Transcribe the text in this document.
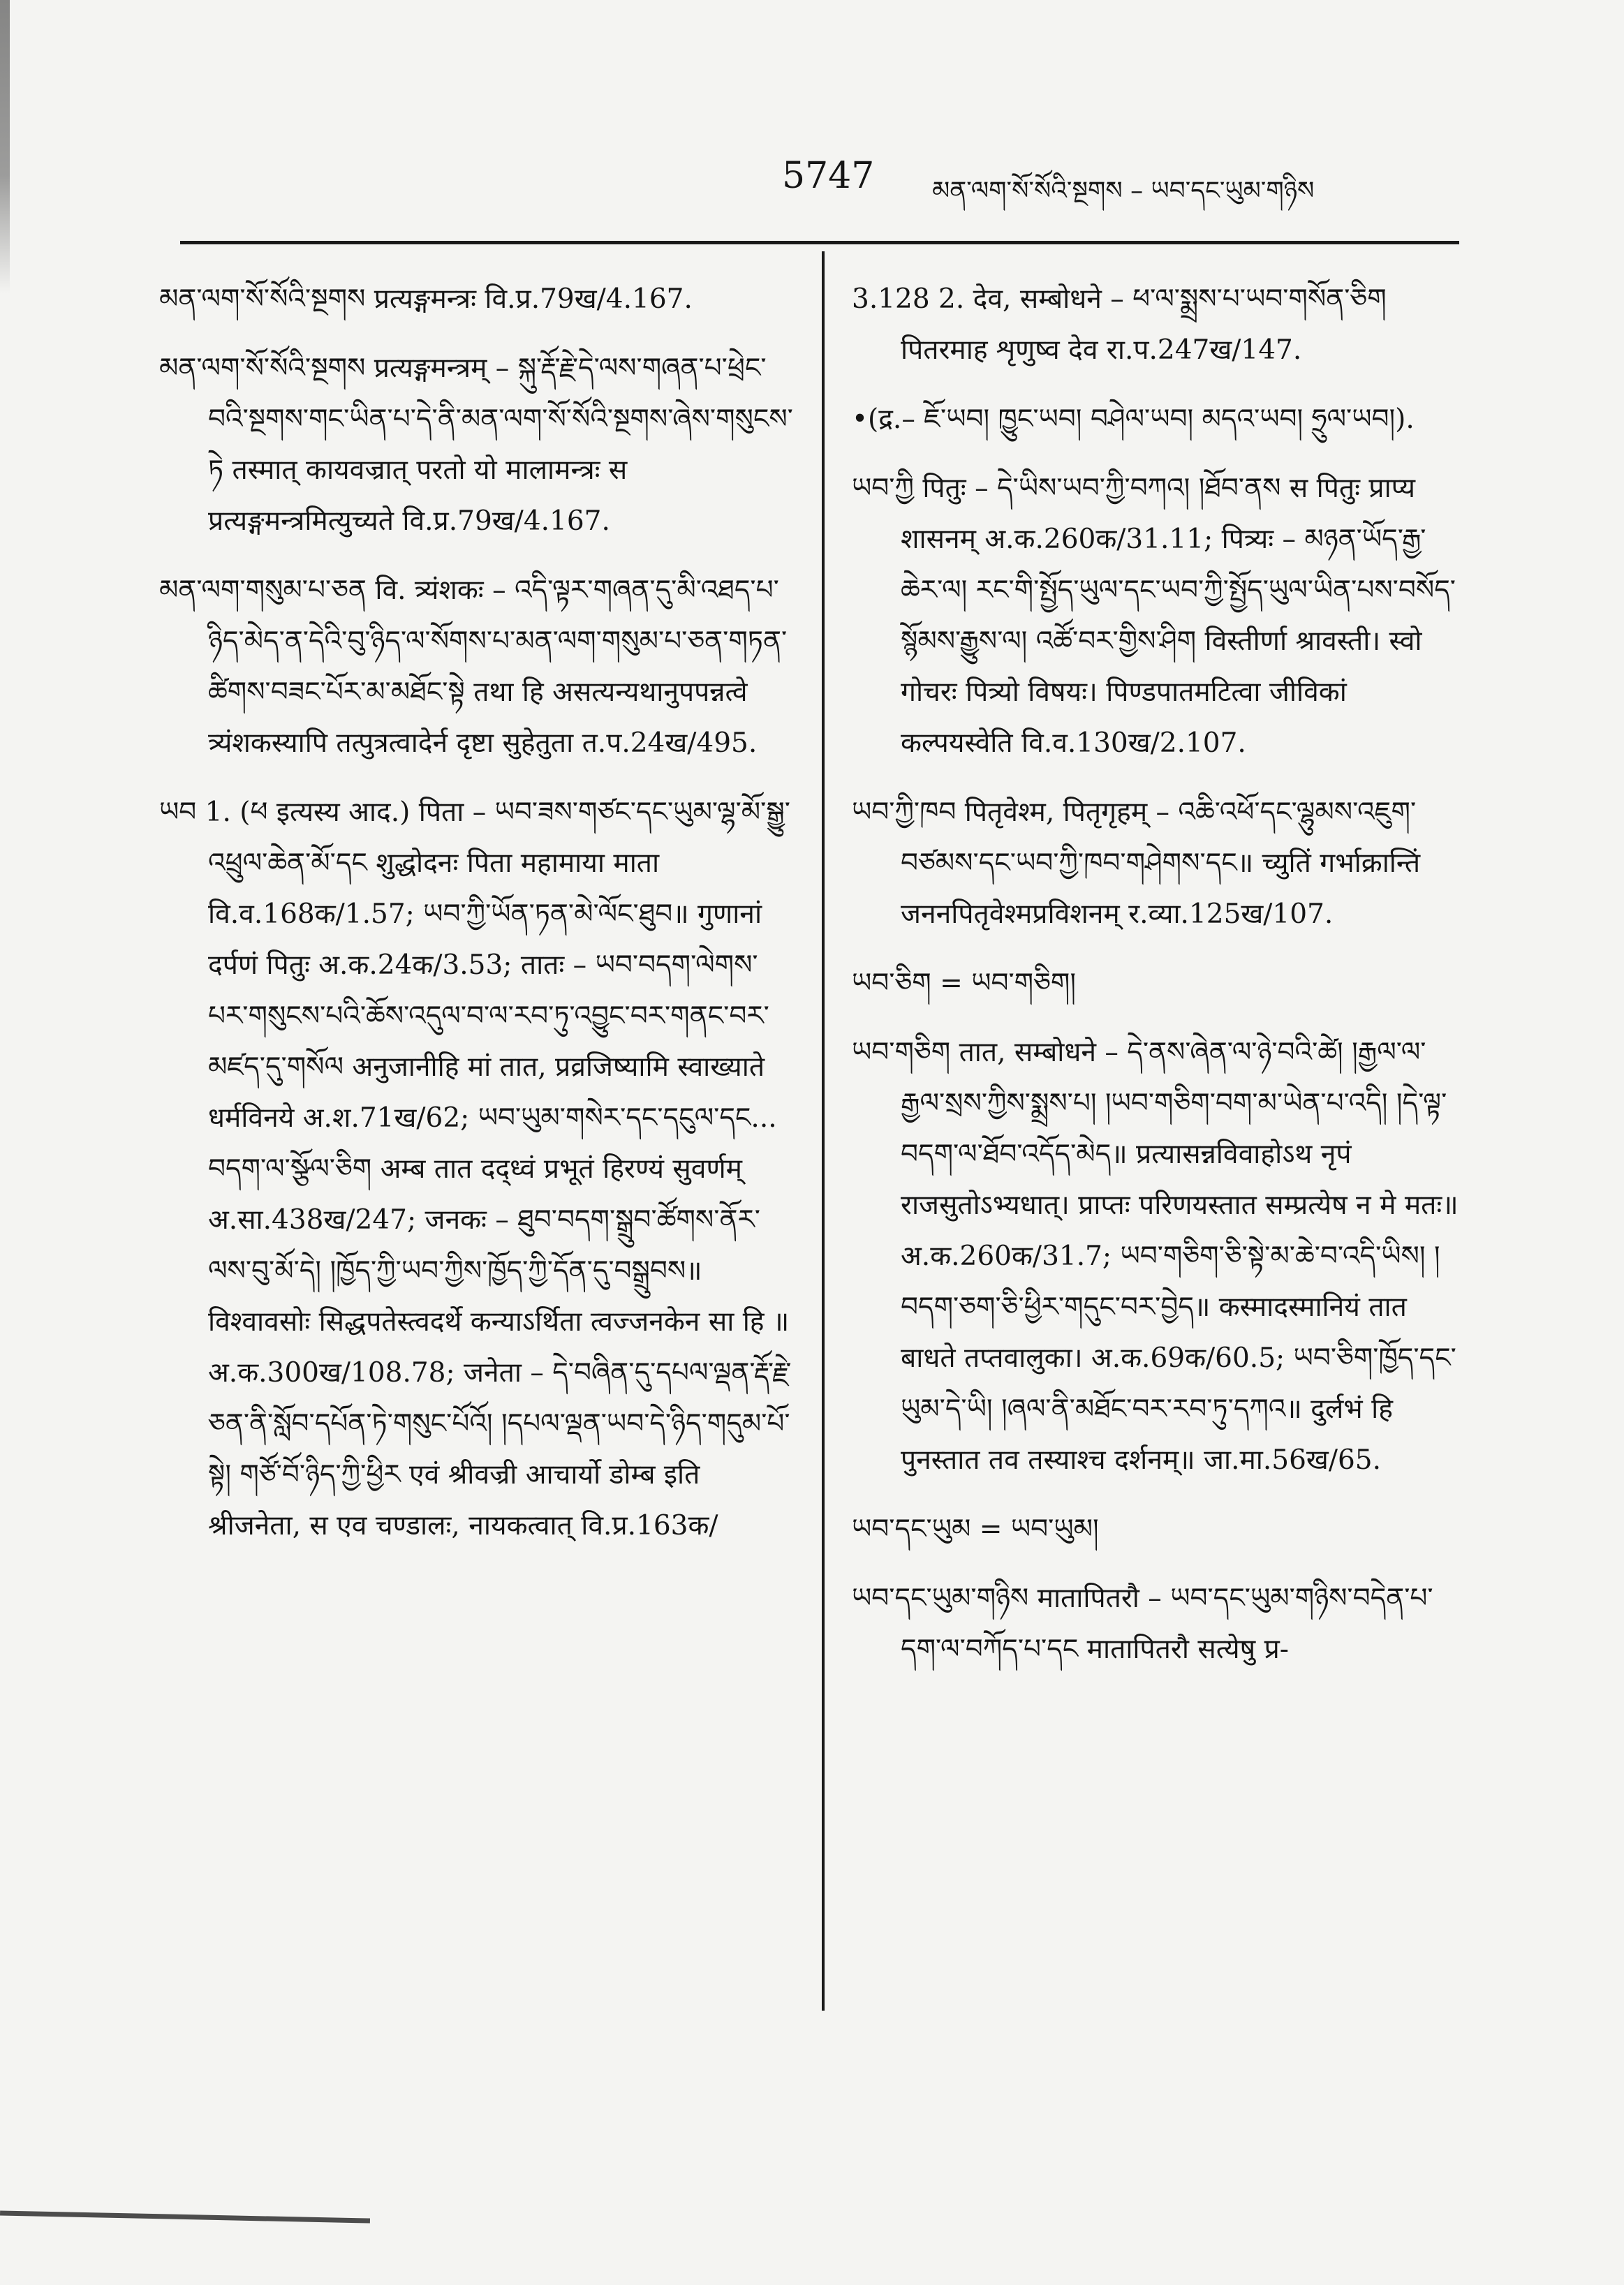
5747 མན་ལག་སོ་སོའི་སྔགས – ཡབ་དང་ཡུམ་གཉིས
མན་ལག་སོ་སོའི་སྔགས प्रत्यङ्गमन्त्रः वि.प्र.79ख/4.167.
མན་ལག་སོ་སོའི་སྔགས प्रत्यङ्गमन्त्रम् – སྐུ་རྡོ་རྗེ་དེ་ལས་གཞན་པ་ཕྲེང་བའི་སྔགས་གང་ཡིན་པ་དེ་ནི་མན་ལག་སོ་སོའི་སྔགས་ཞེས་གསུངས་ཏེ तस्मात् कायवज्रात् परतो यो मालामन्त्रः स प्रत्यङ्गमन्त्रमित्युच्यते वि.प्र.79ख/4.167.
མན་ལག་གསུམ་པ་ཅན वि. त्र्यंशकः – འདི་ལྟར་གཞན་དུ་མི་འཐད་པ་ཉིད་མེད་ན་དེའི་བུ་ཉིད་ལ་སོགས་པ་མན་ལག་གསུམ་པ་ཅན་གཏན་ཚིགས་བཟང་པོར་མ་མཐོང་སྟེ तथा हि असत्यन्यथानुपपन्नत्वे त्र्यंशकस्यापि तत्पुत्रत्वादेर्न दृष्टा सुहेतुता त.प.24ख/495.
ཡབ 1. (ཕ इत्यस्य आद.) पिता – ཡབ་ཟས་གཙང་དང་ཡུམ་ལྷ་མོ་སྒྱུ་འཕྲུལ་ཆེན་མོ་དང शुद्धोदनः पिता महामाया माता वि.व.168क/1.57; ཡབ་ཀྱི་ཡོན་ཏན་མེ་ལོང་ཐུབ॥ गुणानां दर्पणं पितुः अ.क.24क/3.53; तातः – ཡབ་བདག་ལེགས་པར་གསུངས་པའི་ཆོས་འདུལ་བ་ལ་རབ་ཏུ་འབྱུང་བར་གནང་བར་མཛད་དུ་གསོལ अनुजानीहि मां तात, प्रव्रजिष्यामि स्वाख्याते धर्मविनये अ.श.71ख/62; ཡབ་ཡུམ་གསེར་དང་དངུལ་དང... བདག་ལ་སྩོལ་ཅིག अम्ब तात दद्ध्वं प्रभूतं हिरण्यं सुवर्णम् अ.सा.438ख/247; जनकः – ཐུབ་བདག་སྒྲུབ་ཚོགས་ནོར་ལས་བུ་མོ་དེ། །ཁྱོད་ཀྱི་ཡབ་ཀྱིས་ཁྱོད་ཀྱི་དོན་དུ་བསྒྲུབས॥ विश्वावसोः सिद्धपतेस्त्वदर्थे कन्याऽर्थिता त्वज्जनकेन सा हि ॥ अ.क.300ख/108.78; जनेता – དེ་བཞིན་དུ་དཔལ་ལྡན་རྡོ་རྗེ་ཅན་ནི་སློབ་དཔོན་ཏེ་གསུང་པོའོ། །དཔལ་ལྡན་ཡབ་དེ་ཉིད་གདུམ་པོ་སྟེ། གཙོ་བོ་ཉིད་ཀྱི་ཕྱིར एवं श्रीवज्री आचार्यो डोम्ब इति श्रीजनेता, स एव चण्डालः, नायकत्वात् वि.प्र.163क/
3.128 2. देव, सम्बोधने – ཕ་ལ་སྨྲས་པ་ཡབ་གསོན་ཅིག पितरमाह शृणुष्व देव रा.प.247ख/147.
•(द्र.– ཇོ་ཡབ། ཁྱུང་ཡབ། བཤེལ་ཡབ། མདའ་ཡབ། ཧྲུལ་ཡབ།).
ཡབ་ཀྱི पितुः – དེ་ཡིས་ཡབ་ཀྱི་བཀའ། །ཐོབ་ནས स पितुः प्राप्य शासनम् अ.क.260क/31.11; पित्र्यः – མཉན་ཡོད་རྒྱ་ཆེར་ལ། རང་གི་སྤྱོད་ཡུལ་དང་ཡབ་ཀྱི་སྤྱོད་ཡུལ་ཡིན་པས་བསོད་སྙོམས་རྒྱུས་ལ། འཚོ་བར་གྱིས་ཤིག विस्तीर्णा श्रावस्ती। स्वो गोचरः पित्र्यो विषयः। पिण्डपातमटित्वा जीविकां कल्पयस्वेति वि.व.130ख/2.107.
ཡབ་ཀྱི་ཁབ पितृवेश्म, पितृगृहम् – འཆི་འཕོ་དང་ལྷུམས་འཇུག་བཙམས་དང་ཡབ་ཀྱི་ཁབ་གཤེགས་དང॥ च्युतिं गर्भाक्रान्तिं जननपितृवेश्मप्रविशनम् र.व्या.125ख/107.
ཡབ་ཅིག = ཡབ་གཅིག།
ཡབ་གཅིག तात, सम्बोधने – དེ་ནས་ཞེན་ལ་ཉེ་བའི་ཚེ། །རྒྱལ་ལ་རྒྱལ་སྲས་ཀྱིས་སྨྲས་པ། །ཡབ་གཅིག་བག་མ་ཡེན་པ་འདི། །དེ་ལྟ་བདག་ལ་ཐོབ་འདོད་མེད॥ प्रत्यासन्नविवाहोऽथ नृपं राजसुतोऽभ्यधात्। प्राप्तः परिणयस्तात सम्प्रत्येष न मे मतः॥ अ.क.260क/31.7; ཡབ་གཅིག་ཅི་སྟེ་མ་ཆེ་བ་འདི་ཡིས། །བདག་ཅག་ཅི་ཕྱིར་གདུང་བར་བྱེད॥ कस्मादस्मानियं तात बाधते तप्तवालुका। अ.क.69क/60.5; ཡབ་ཅིག་ཁྱོད་དང་ཡུམ་དེ་ཡི། །ཞལ་ནི་མཐོང་བར་རབ་ཏུ་དཀའ॥ दुर्लभं हि पुनस्तात तव तस्याश्च दर्शनम्॥ जा.मा.56ख/65.
ཡབ་དང་ཡུམ = ཡབ་ཡུམ།
ཡབ་དང་ཡུམ་གཉིས मातापितरौ – ཡབ་དང་ཡུམ་གཉིས་བདེན་པ་དག་ལ་བཀོད་པ་དང मातापितरौ सत्येषु प्र-
